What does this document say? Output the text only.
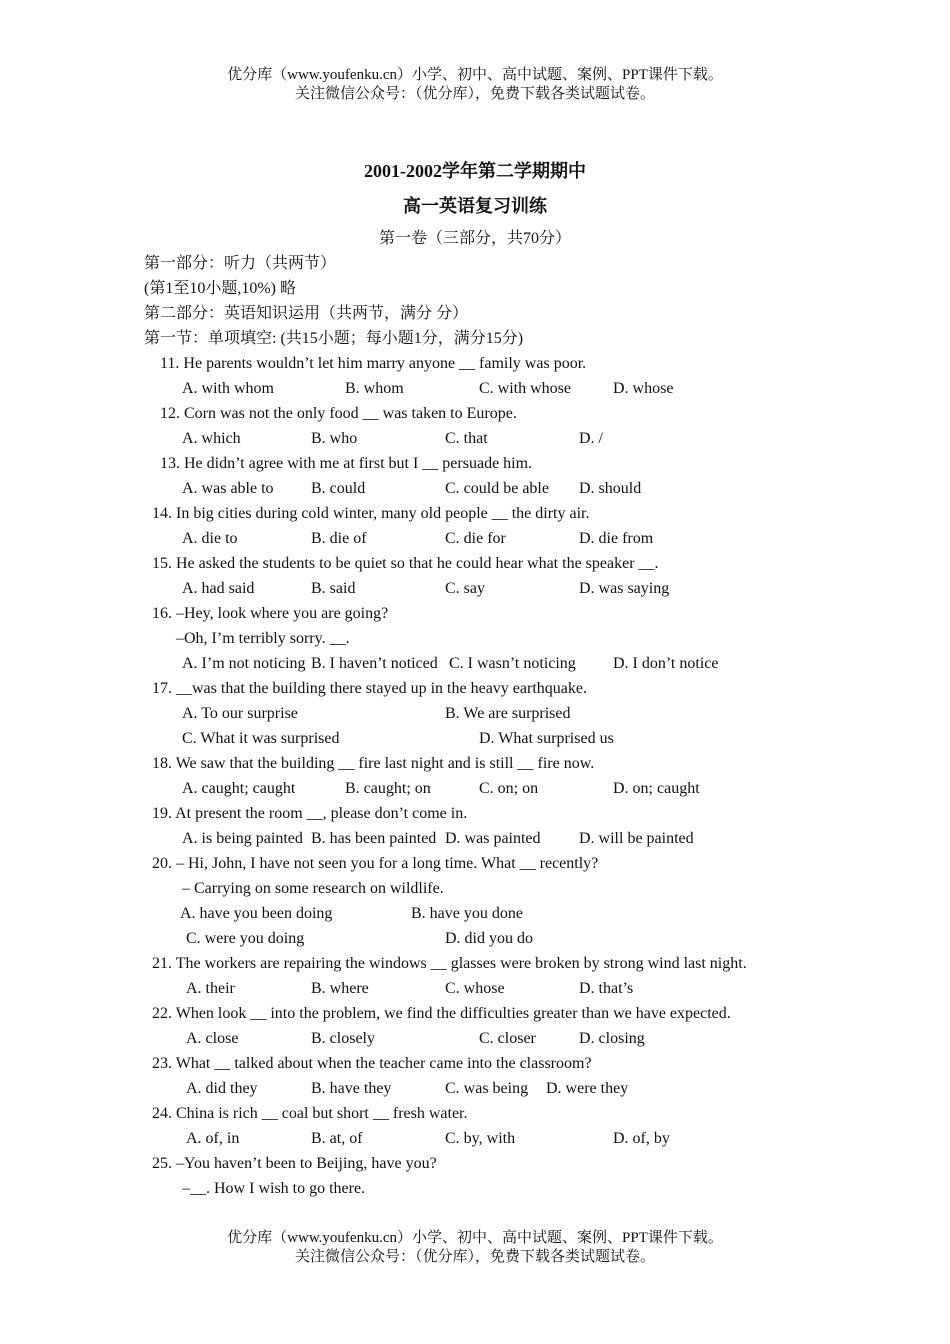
优分库（www.youfenku.cn）小学、初中、高中试题、案例、PPT课件下载。
关注微信公众号：（优分库），免费下载各类试题试卷。
2001-2002学年第二学期期中
高一英语复习训练
第一卷（三部分，共70分）
第一部分：听力（共两节）
(第1至10小题,10%) 略
第二部分：英语知识运用（共两节，满分 分）
第一节：单项填空: (共15小题；每小题1分，满分15分)
11. He parents wouldn’t let him marry anyone __ family was poor.
A. with whom	B. whom	C. with whose	D. whose
12. Corn was not the only food __ was taken to Europe.
A. which	B. who	C. that	D. /
13. He didn’t agree with me at first but I __ persuade him.
A. was able to B. could	C. could be able D. should
14. In big cities during cold winter, many old people __ the dirty air.
A. die to	B. die of	C. die for	D. die from
15. He asked the students to be quiet so that he could hear what the speaker __.
A. had said	B. said	C. say	D. was saying
16. –Hey, look where you are going?
–Oh, I’m terribly sorry. __.
A. I’m not noticing B. I haven’t noticed C. I wasn’t noticing D. I don’t notice
17. __was that the building there stayed up in the heavy earthquake.
A. To our surprise	B. We are surprised
C. What it was surprised	D. What surprised us
18. We saw that the building __ fire last night and is still __ fire now.
A. caught; caught	B. caught; on	C. on; on	D. on; caught
19. At present the room __, please don’t come in.
A. is being painted B. has been painted D. was painted D. will be painted
20. – Hi, John, I have not seen you for a long time. What __ recently?
– Carrying on some research on wildlife.
A. have you been doing	B. have you done
C. were you doing	D. did you do
21. The workers are repairing the windows __ glasses were broken by strong wind last night.
A. their	B. where	C. whose	D. that’s
22. When look __ into the problem, we find the difficulties greater than we have expected.
A. close	B. closely	C. closer	D. closing
23. What __ talked about when the teacher came into the classroom?
A. did they	B. have they	C. was being D. were they
24. China is rich __ coal but short __ fresh water.
A. of, in	B. at, of	C. by, with	D. of, by
25. –You haven’t been to Beijing, have you?
–__. How I wish to go there.
优分库（www.youfenku.cn）小学、初中、高中试题、案例、PPT课件下载。
关注微信公众号：（优分库），免费下载各类试题试卷。
